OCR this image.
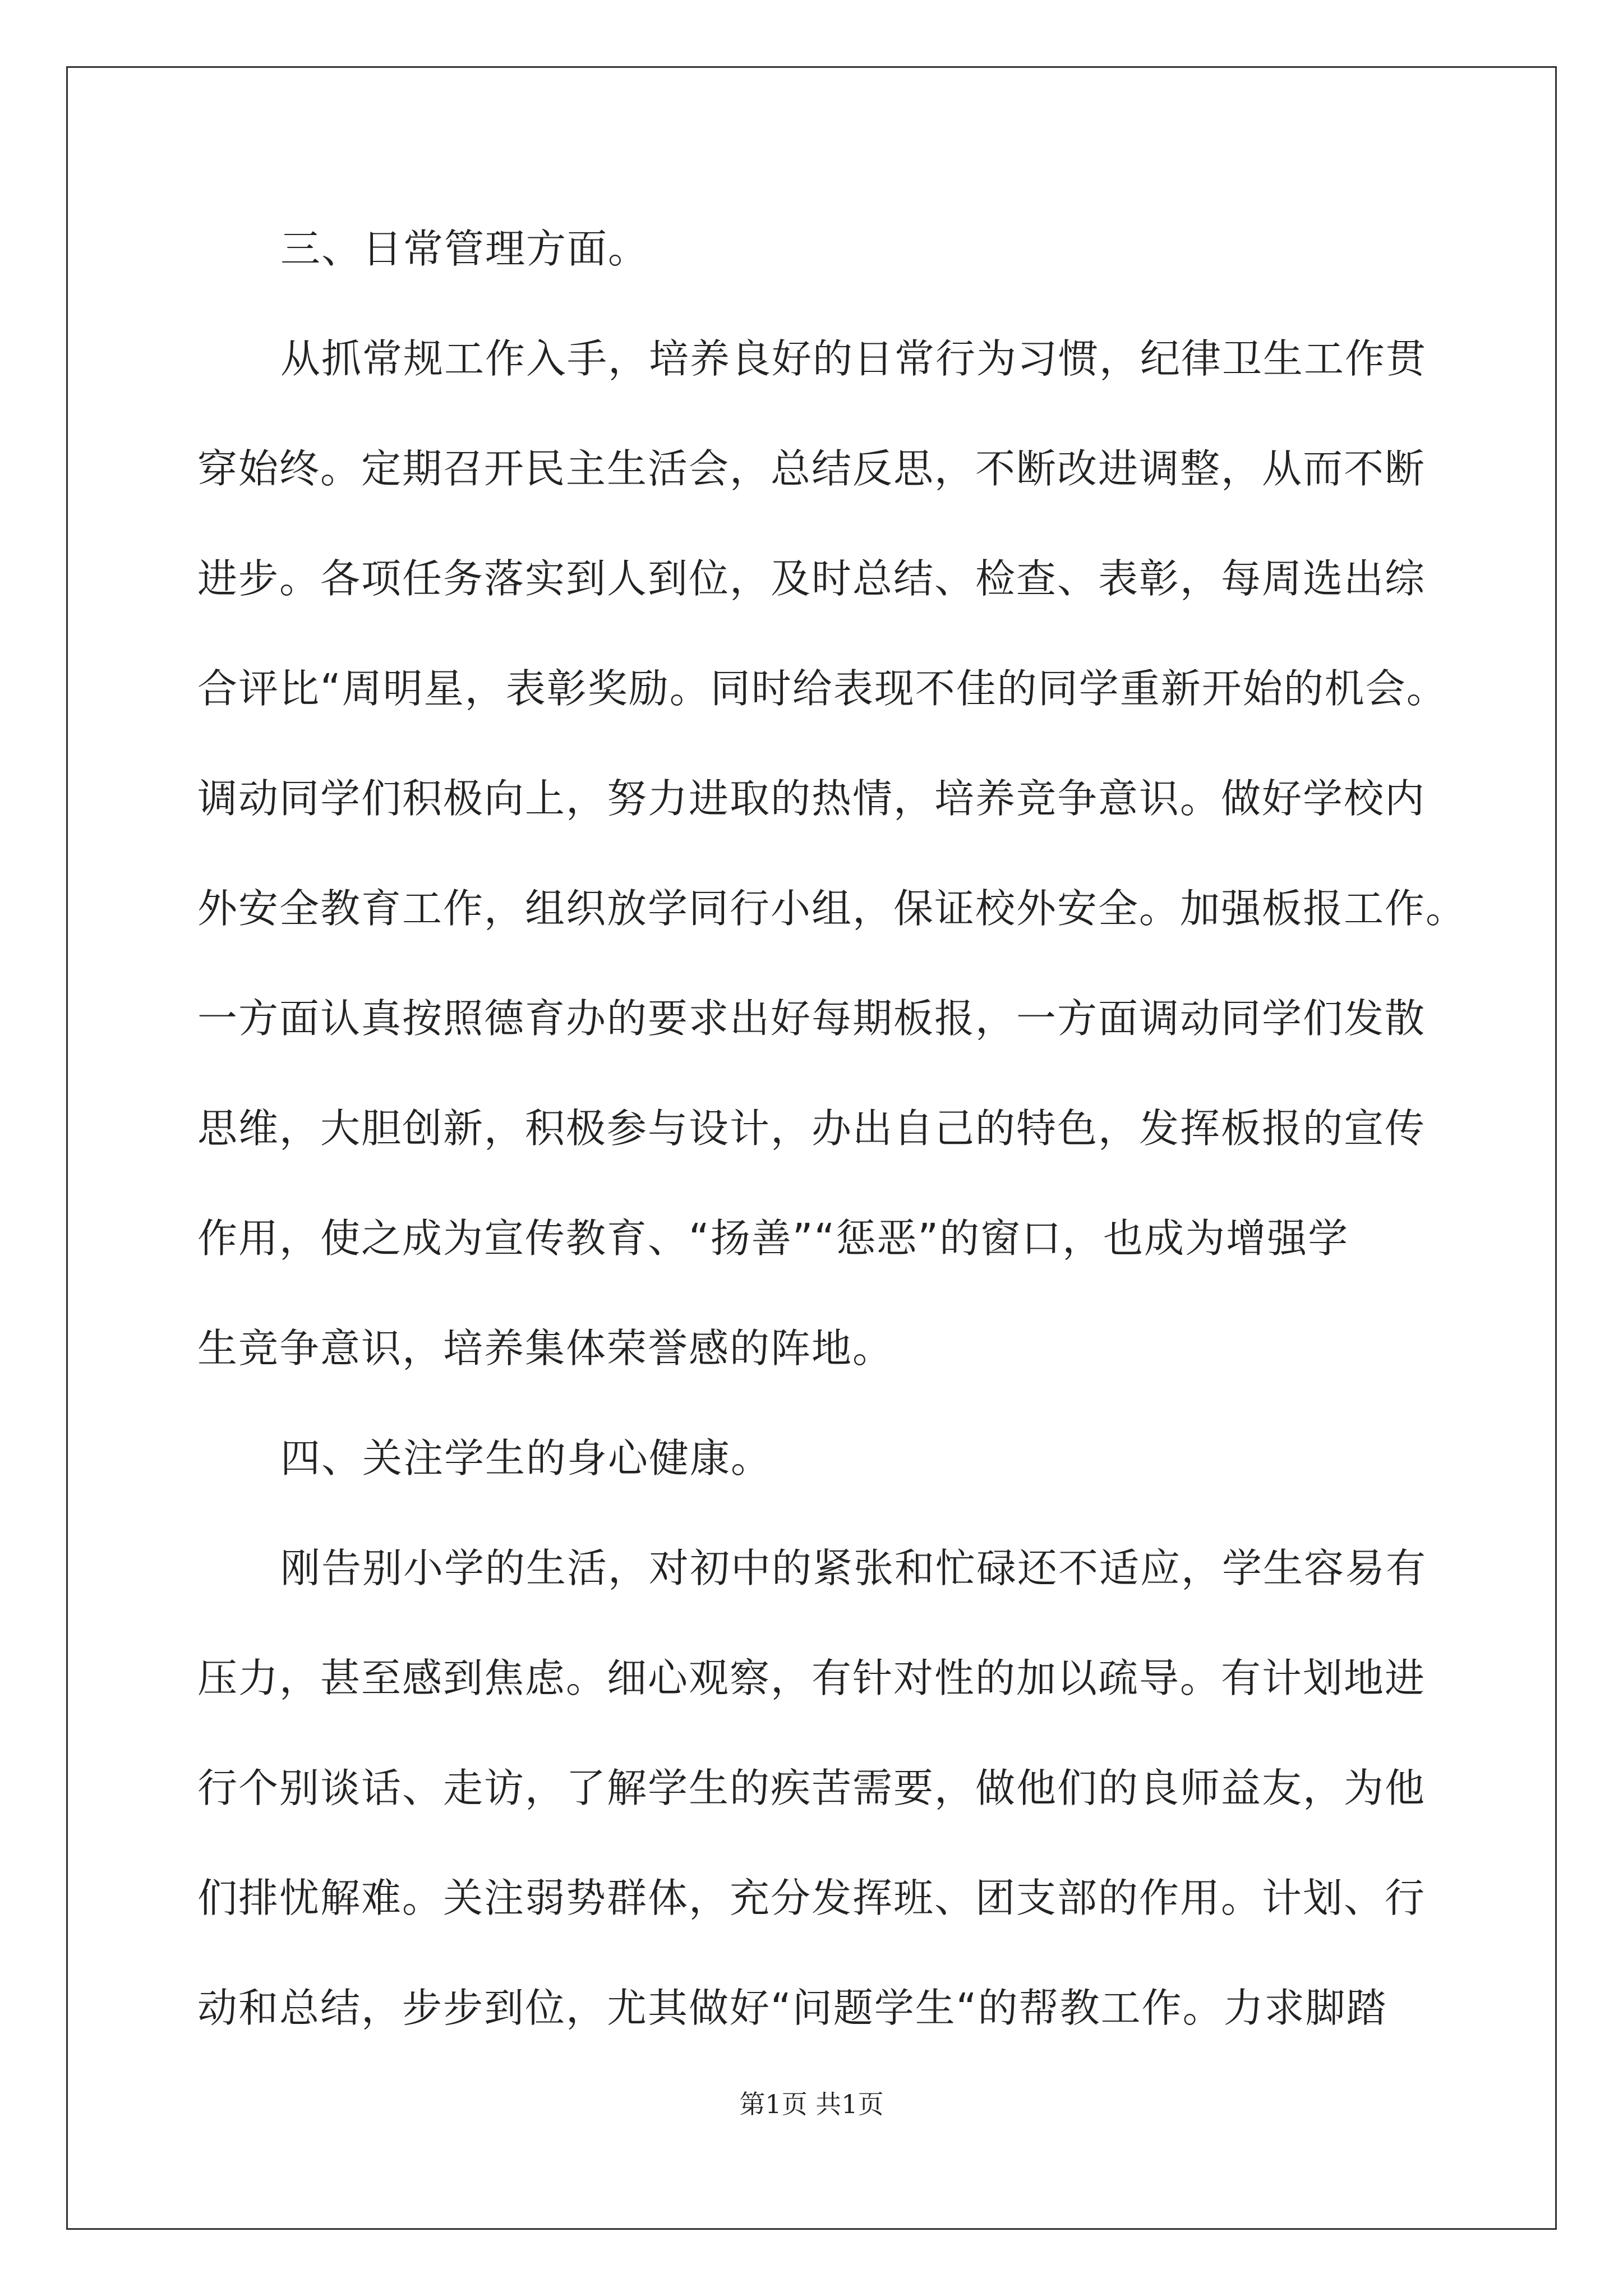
三、日常管理方面。
从抓常规工作入手，培养良好的日常行为习惯，纪律卫生工作贯
穿始终。定期召开民主生活会，总结反思，不断改进调整，从而不断
进步。各项任务落实到人到位，及时总结、检查、表彰，每周选出综
合评比“周明星，表彰奖励。同时给表现不佳的同学重新开始的机会。
调动同学们积极向上，努力进取的热情，培养竞争意识。做好学校内
外安全教育工作，组织放学同行小组，保证校外安全。加强板报工作。
一方面认真按照德育办的要求出好每期板报，一方面调动同学们发散
思维，大胆创新，积极参与设计，办出自己的特色，发挥板报的宣传
作用，使之成为宣传教育、“扬善”“惩恶”的窗口，也成为增强学
生竞争意识，培养集体荣誉感的阵地。
四、关注学生的身心健康。
刚告别小学的生活，对初中的紧张和忙碌还不适应，学生容易有
压力，甚至感到焦虑。细心观察，有针对性的加以疏导。有计划地进
行个别谈话、走访，了解学生的疾苦需要，做他们的良师益友，为他
们排忧解难。关注弱势群体，充分发挥班、团支部的作用。计划、行
动和总结，步步到位，尤其做好“问题学生“的帮教工作。力求脚踏
第1页 共1页
